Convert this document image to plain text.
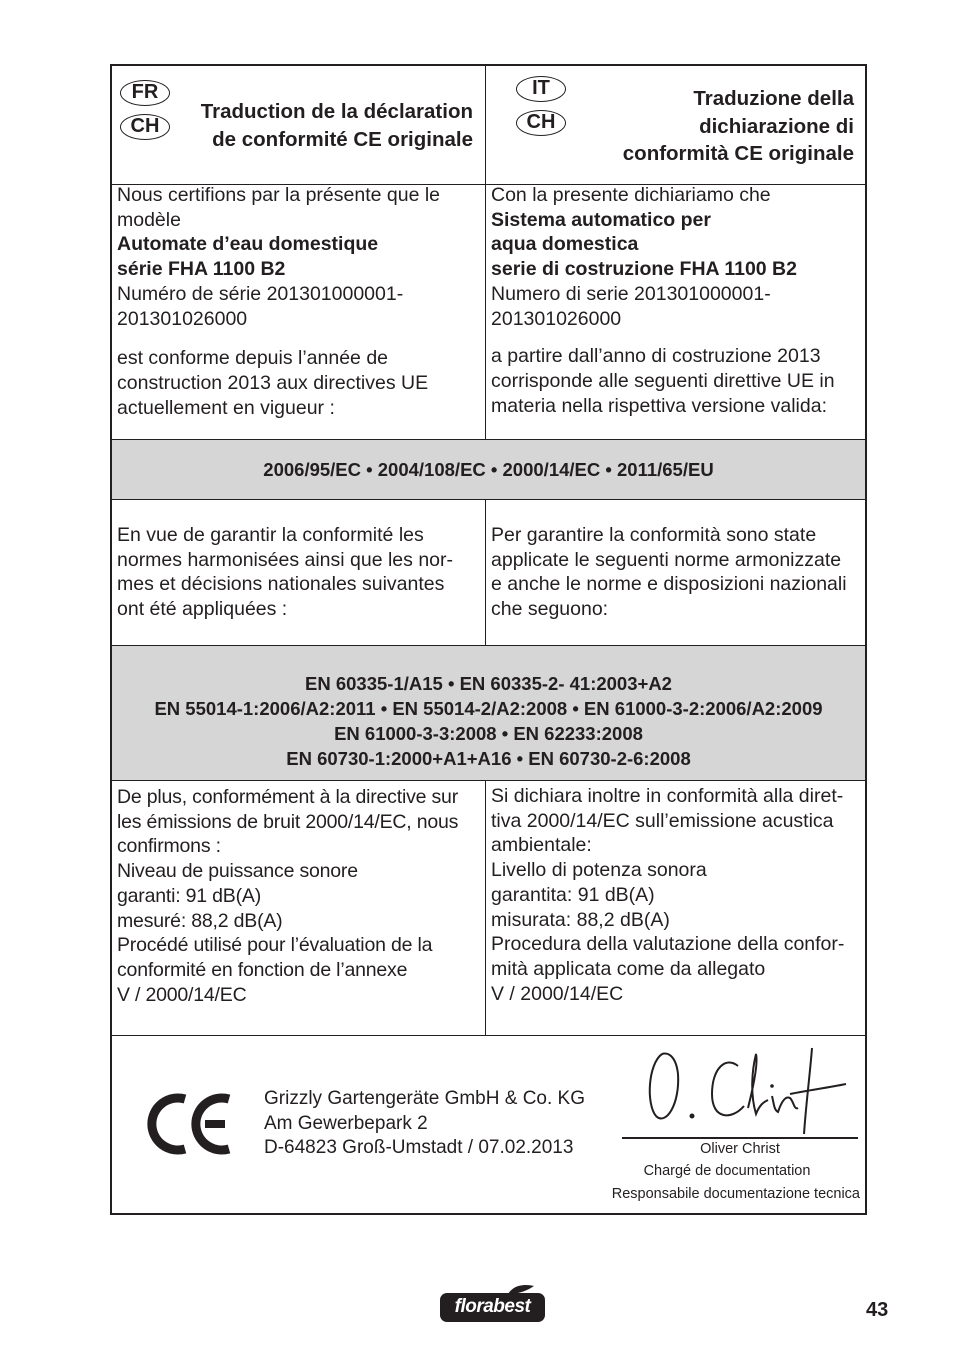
FR
CH
Traduction de la déclaration
de conformité CE originale
IT
CH
Traduzione della
dichiarazione di
conformità CE originale
Nous certifions par la présente que le
modèle
Automate d’eau domestique
série FHA 1100 B2
Numéro de série 201301000001-
201301026000
est conforme depuis l’année de
construction 2013 aux directives UE
actuellement en vigueur :
Con la presente dichiariamo che
Sistema automatico per
aqua domestica
serie di costruzione FHA 1100 B2
Numero di serie 201301000001-
201301026000
a partire dall’anno di costruzione 2013
corrisponde alle seguenti direttive UE in
materia nella rispettiva versione valida:
2006/95/EC • 2004/108/EC • 2000/14/EC • 2011/65/EU
En vue de garantir la conformité les
normes harmonisées ainsi que les nor-
mes et décisions nationales suivantes
ont été appliquées :
Per garantire la conformità sono state
applicate le seguenti norme armonizzate
e anche le norme e disposizioni nazionali
che seguono:
EN 60335-1/A15 • EN 60335-2- 41:2003+A2
EN 55014-1:2006/A2:2011 • EN 55014-2/A2:2008 • EN 61000-3-2:2006/A2:2009
EN 61000-3-3:2008 • EN 62233:2008
EN 60730-1:2000+A1+A16 • EN 60730-2-6:2008
De plus, conformément à la directive sur
les émissions de bruit 2000/14/EC, nous
confirmons :
Niveau de puissance sonore
garanti: 91 dB(A)
mesuré: 88,2 dB(A)
Procédé utilisé pour l’évaluation de la
conformité en fonction de l’annexe
V / 2000/14/EC
Si dichiara inoltre in conformità alla diret-
tiva 2000/14/EC sull’emissione acustica
ambientale:
Livello di potenza sonora
garantita: 91 dB(A)
misurata: 88,2 dB(A)
Procedura della valutazione della confor-
mità applicata come da allegato
V / 2000/14/EC
Grizzly Gartengeräte GmbH & Co. KG
Am Gewerbepark 2
D-64823 Groß-Umstadt / 07.02.2013	Oliver Christ
Chargé de documentation
Responsabile documentazione tecnica
florabest	43
